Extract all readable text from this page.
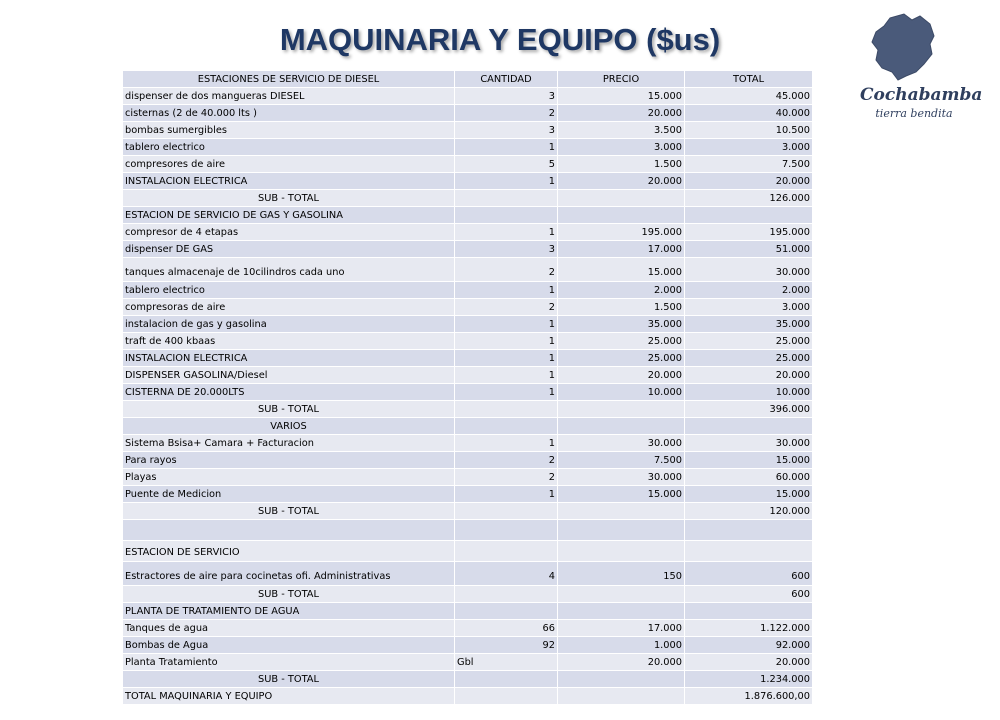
MAQUINARIA Y EQUIPO ($us)
Cochabamba
tierra bendita
ESTACIONES DE SERVICIO DE DIESEL	CANTIDAD	PRECIO	TOTAL
dispenser de dos mangueras DIESEL	3	15.000	45.000
cisternas (2 de 40.000 lts )	2	20.000	40.000
bombas sumergibles	3	3.500	10.500
tablero electrico	1	3.000	3.000
compresores de aire	5	1.500	7.500
INSTALACION ELECTRICA	1	20.000	20.000
SUB - TOTAL			126.000
ESTACION DE SERVICIO DE GAS Y GASOLINA			
compresor de 4 etapas	1	195.000	195.000
dispenser DE GAS	3	17.000	51.000
tanques almacenaje de 10cilindros cada uno	2	15.000	30.000
tablero electrico	1	2.000	2.000
compresoras de aire	2	1.500	3.000
instalacion de gas y gasolina	1	35.000	35.000
traft de 400 kbaas	1	25.000	25.000
INSTALACION ELECTRICA	1	25.000	25.000
DISPENSER GASOLINA/Diesel	1	20.000	20.000
CISTERNA DE 20.000LTS	1	10.000	10.000
SUB - TOTAL			396.000
VARIOS			
Sistema Bsisa+ Camara + Facturacion	1	30.000	30.000
Para rayos	2	7.500	15.000
Playas	2	30.000	60.000
Puente de Medicion	1	15.000	15.000
SUB - TOTAL			120.000

ESTACION DE SERVICIO			
Estractores de aire para cocinetas ofi. Administrativas	4	150	600
SUB - TOTAL			600
PLANTA DE TRATAMIENTO DE AGUA			
Tanques de agua	66	17.000	1.122.000
Bombas de Agua	92	1.000	92.000
Planta Tratamiento	Gbl	20.000	20.000
SUB - TOTAL			1.234.000
TOTAL MAQUINARIA Y EQUIPO			1.876.600,00
